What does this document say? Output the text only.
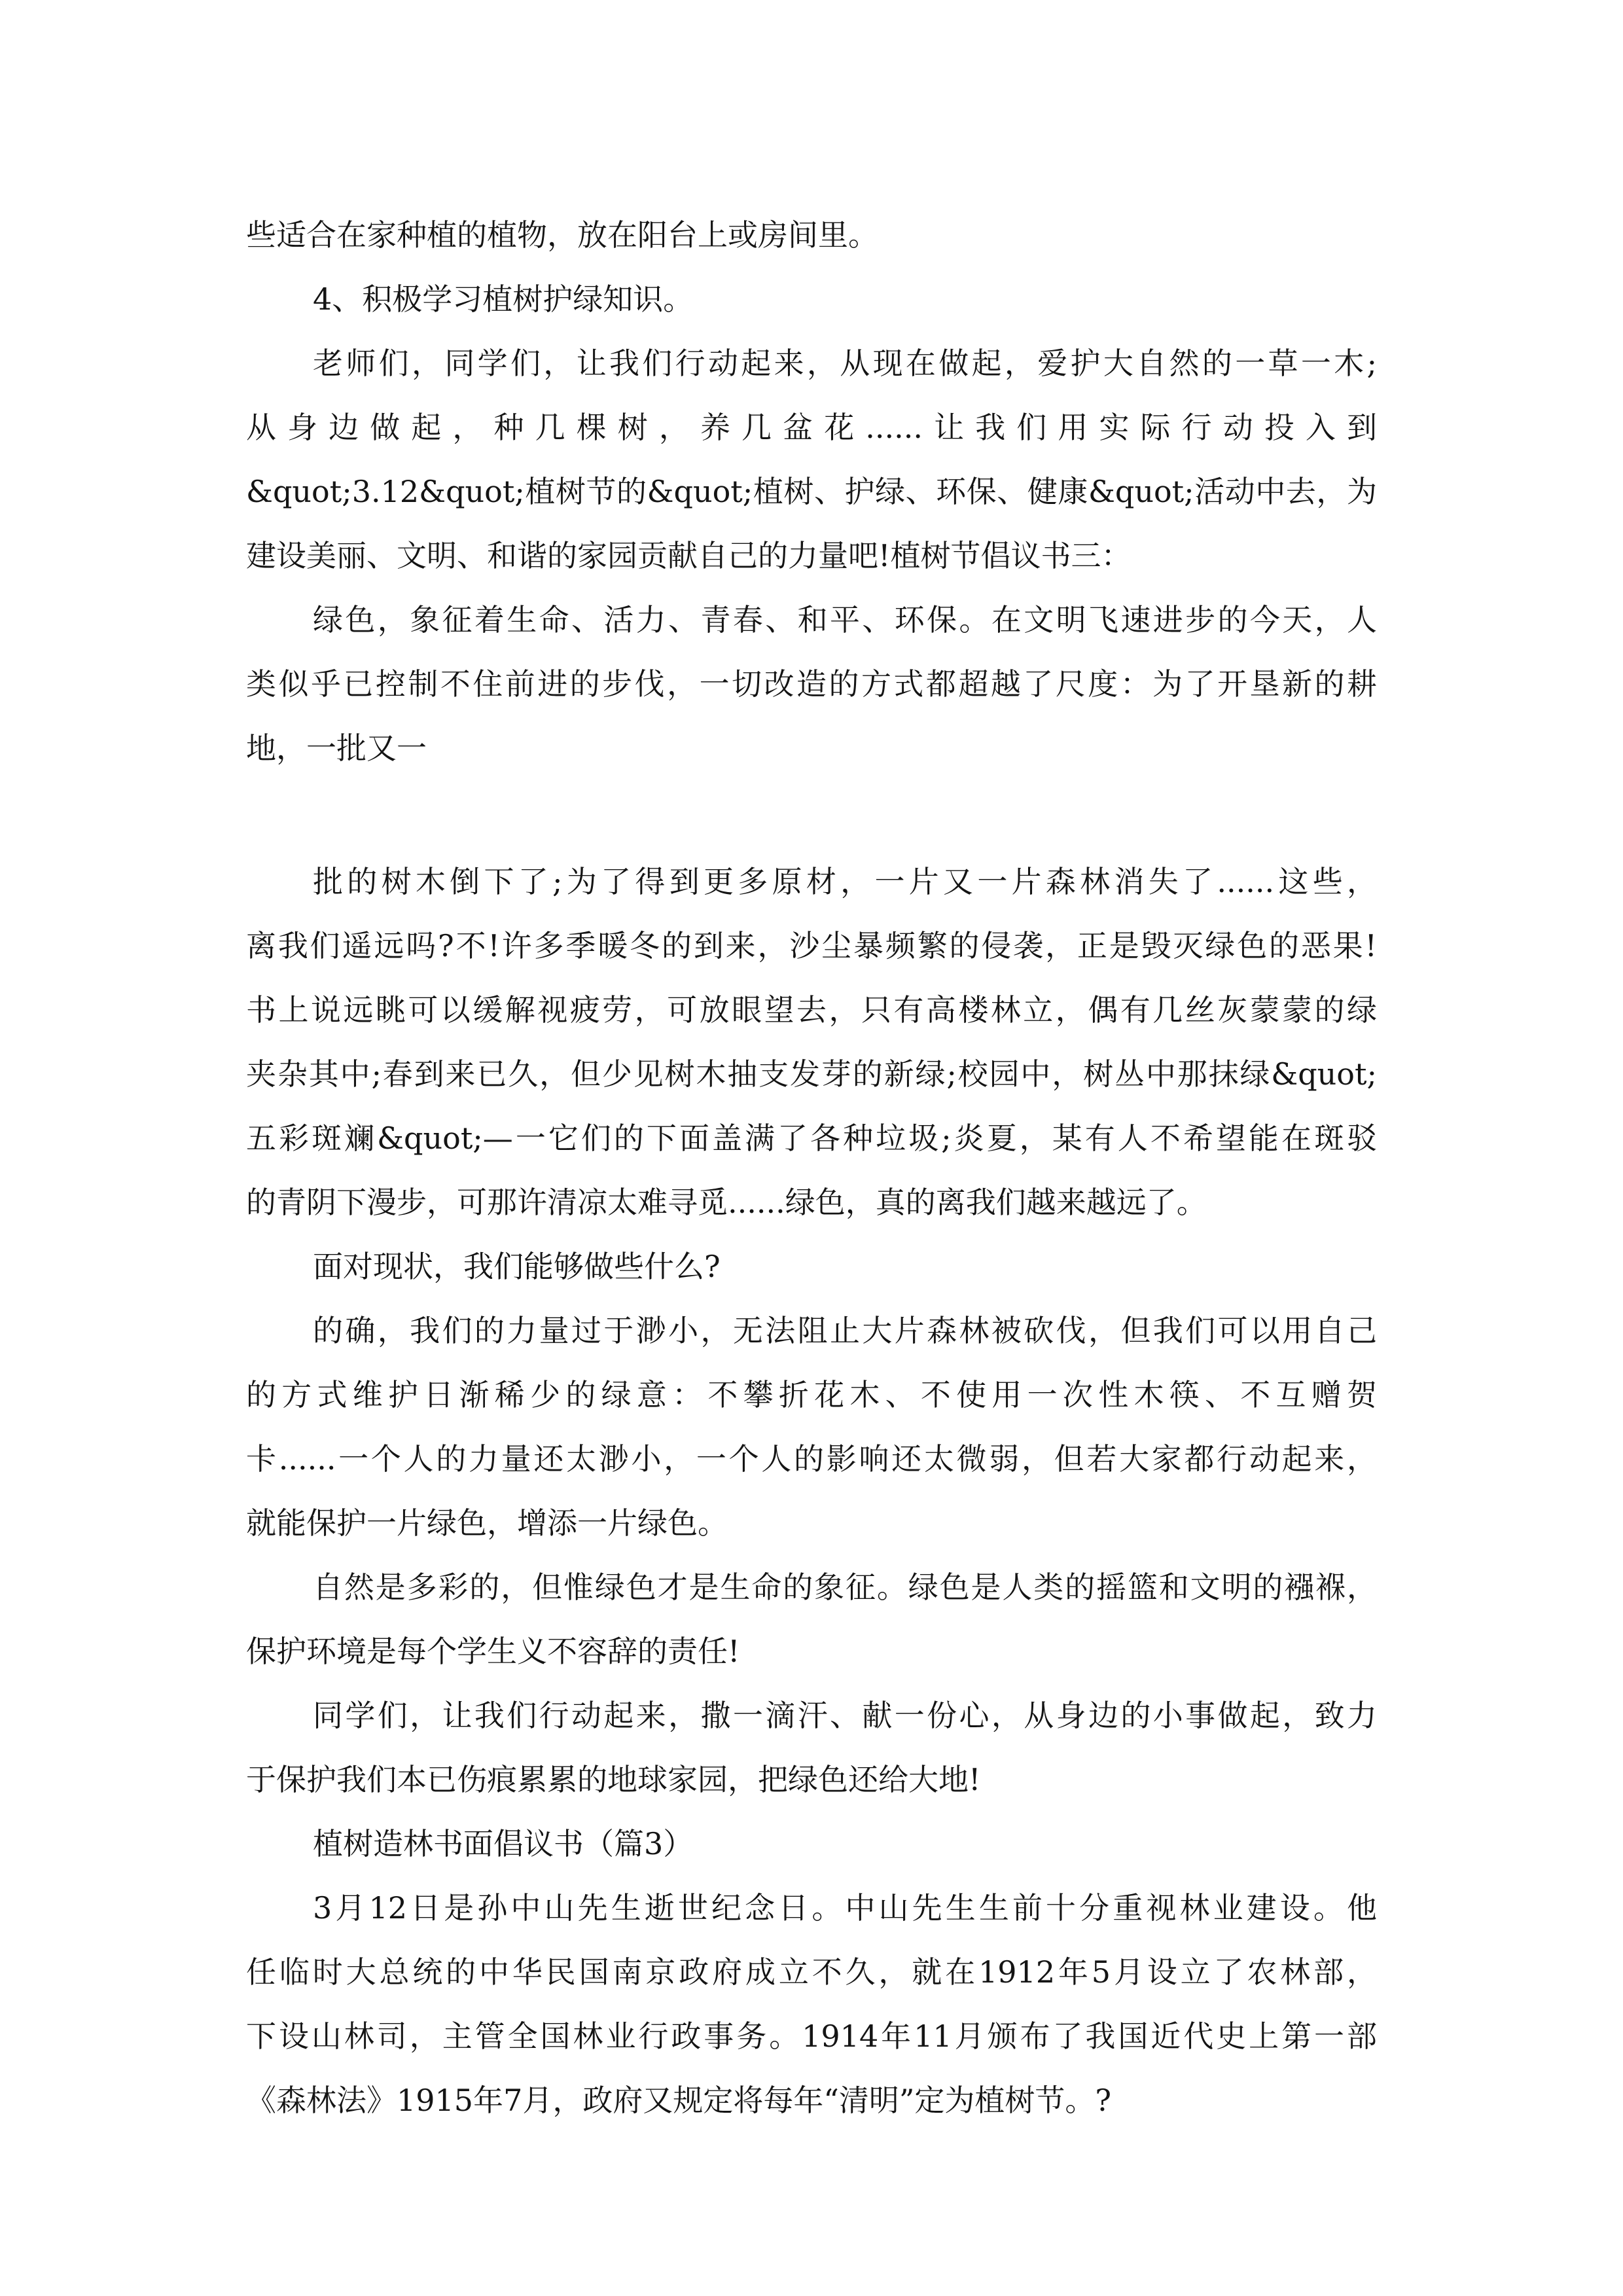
些适合在家种植的植物，放在阳台上或房间里。
4、积极学习植树护绿知识。
老师们，同学们，让我们行动起来，从现在做起，爱护大自然的一草一木;
从身边做起，种几棵树，养几盆花......让我们用实际行动投入到
&quot;3.12&quot;植树节的&quot;植树、护绿、环保、健康&quot;活动中去，为
建设美丽、文明、和谐的家园贡献自己的力量吧!植树节倡议书三：
绿色，象征着生命、活力、青春、和平、环保。在文明飞速进步的今天，人
类似乎已控制不住前进的步伐，一切改造的方式都超越了尺度：为了开垦新的耕
地，一批又一
批的树木倒下了;为了得到更多原材，一片又一片森林消失了......这些，
离我们遥远吗?不!许多季暖冬的到来，沙尘暴频繁的侵袭，正是毁灭绿色的恶果!
书上说远眺可以缓解视疲劳，可放眼望去，只有高楼林立，偶有几丝灰蒙蒙的绿
夹杂其中;春到来已久，但少见树木抽支发芽的新绿;校园中，树丛中那抹绿&quot;
五彩斑斓&quot;—一它们的下面盖满了各种垃圾;炎夏，某有人不希望能在斑驳
的青阴下漫步，可那许清凉太难寻觅......绿色，真的离我们越来越远了。
面对现状，我们能够做些什么?
的确，我们的力量过于渺小，无法阻止大片森林被砍伐，但我们可以用自己
的方式维护日渐稀少的绿意：不攀折花木、不使用一次性木筷、不互赠贺
卡......一个人的力量还太渺小，一个人的影响还太微弱，但若大家都行动起来，
就能保护一片绿色，增添一片绿色。
自然是多彩的，但惟绿色才是生命的象征。绿色是人类的摇篮和文明的襁褓，
保护环境是每个学生义不容辞的责任!
同学们，让我们行动起来，撒一滴汗、献一份心，从身边的小事做起，致力
于保护我们本已伤痕累累的地球家园，把绿色还给大地!
植树造林书面倡议书（篇3）
3月12日是孙中山先生逝世纪念日。中山先生生前十分重视林业建设。他
任临时大总统的中华民国南京政府成立不久，就在1912年5月设立了农林部，
下设山林司，主管全国林业行政事务。1914年11月颁布了我国近代史上第一部
《森林法》1915年7月，政府又规定将每年“清明”定为植树节。?
